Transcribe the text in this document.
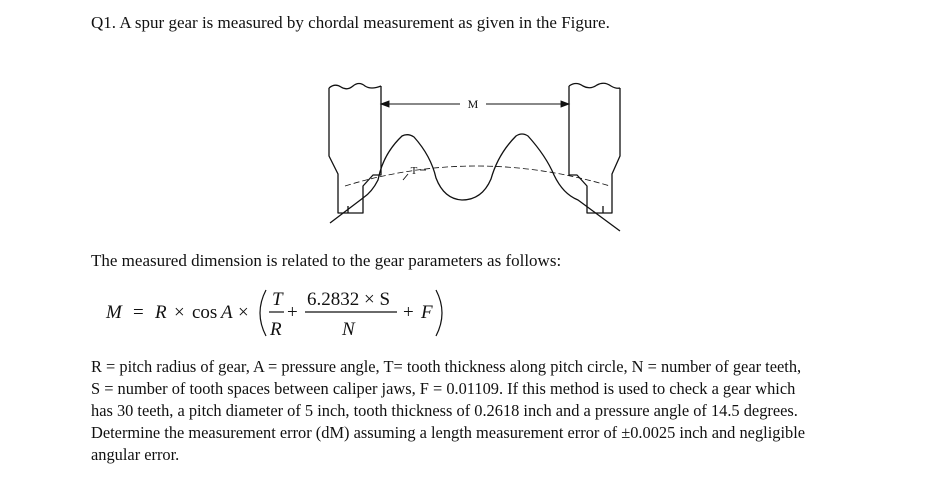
Q1. A spur gear is measured by chordal measurement as given in the Figure.
M
T
The measured dimension is related to the gear parameters as follows:
M = R × cos A ×
T
R
+
6.2832 × S
N
+ F
R = pitch radius of gear, A = pressure angle, T= tooth thickness along pitch circle, N = number of gear teeth,
S = number of tooth spaces between caliper jaws, F = 0.01109. If this method is used to check a gear which
has 30 teeth, a pitch diameter of 5 inch, tooth thickness of 0.2618 inch and a pressure angle of 14.5 degrees.
Determine the measurement error (dM) assuming a length measurement error of ±0.0025 inch and negligible
angular error.
